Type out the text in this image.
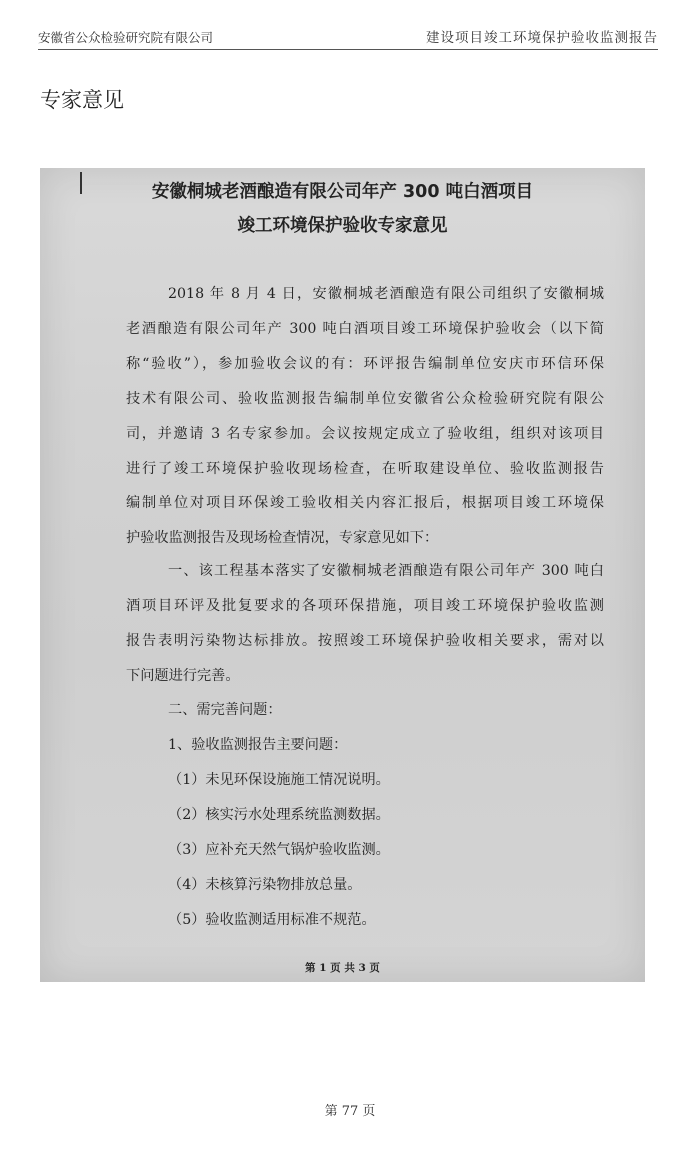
安徽省公众检验研究院有限公司	建设项目竣工环境保护验收监测报告
专家意见
安徽桐城老酒酿造有限公司年产 300 吨白酒项目
竣工环境保护验收专家意见
2018 年 8 月 4 日，安徽桐城老酒酿造有限公司组织了安徽桐城
老酒酿造有限公司年产 300 吨白酒项目竣工环境保护验收会（以下简
称“验收”），参加验收会议的有：环评报告编制单位安庆市环信环保
技术有限公司、验收监测报告编制单位安徽省公众检验研究院有限公
司，并邀请 3 名专家参加。会议按规定成立了验收组，组织对该项目
进行了竣工环境保护验收现场检查，在听取建设单位、验收监测报告
编制单位对项目环保竣工验收相关内容汇报后，根据项目竣工环境保
护验收监测报告及现场检查情况，专家意见如下：
一、该工程基本落实了安徽桐城老酒酿造有限公司年产 300 吨白
酒项目环评及批复要求的各项环保措施，项目竣工环境保护验收监测
报告表明污染物达标排放。按照竣工环境保护验收相关要求，需对以
下问题进行完善。
二、需完善问题：
1、验收监测报告主要问题：
（1）未见环保设施施工情况说明。
（2）核实污水处理系统监测数据。
（3）应补充天然气锅炉验收监测。
（4）未核算污染物排放总量。
（5）验收监测适用标准不规范。
第 1 页 共 3 页
第 77 页
